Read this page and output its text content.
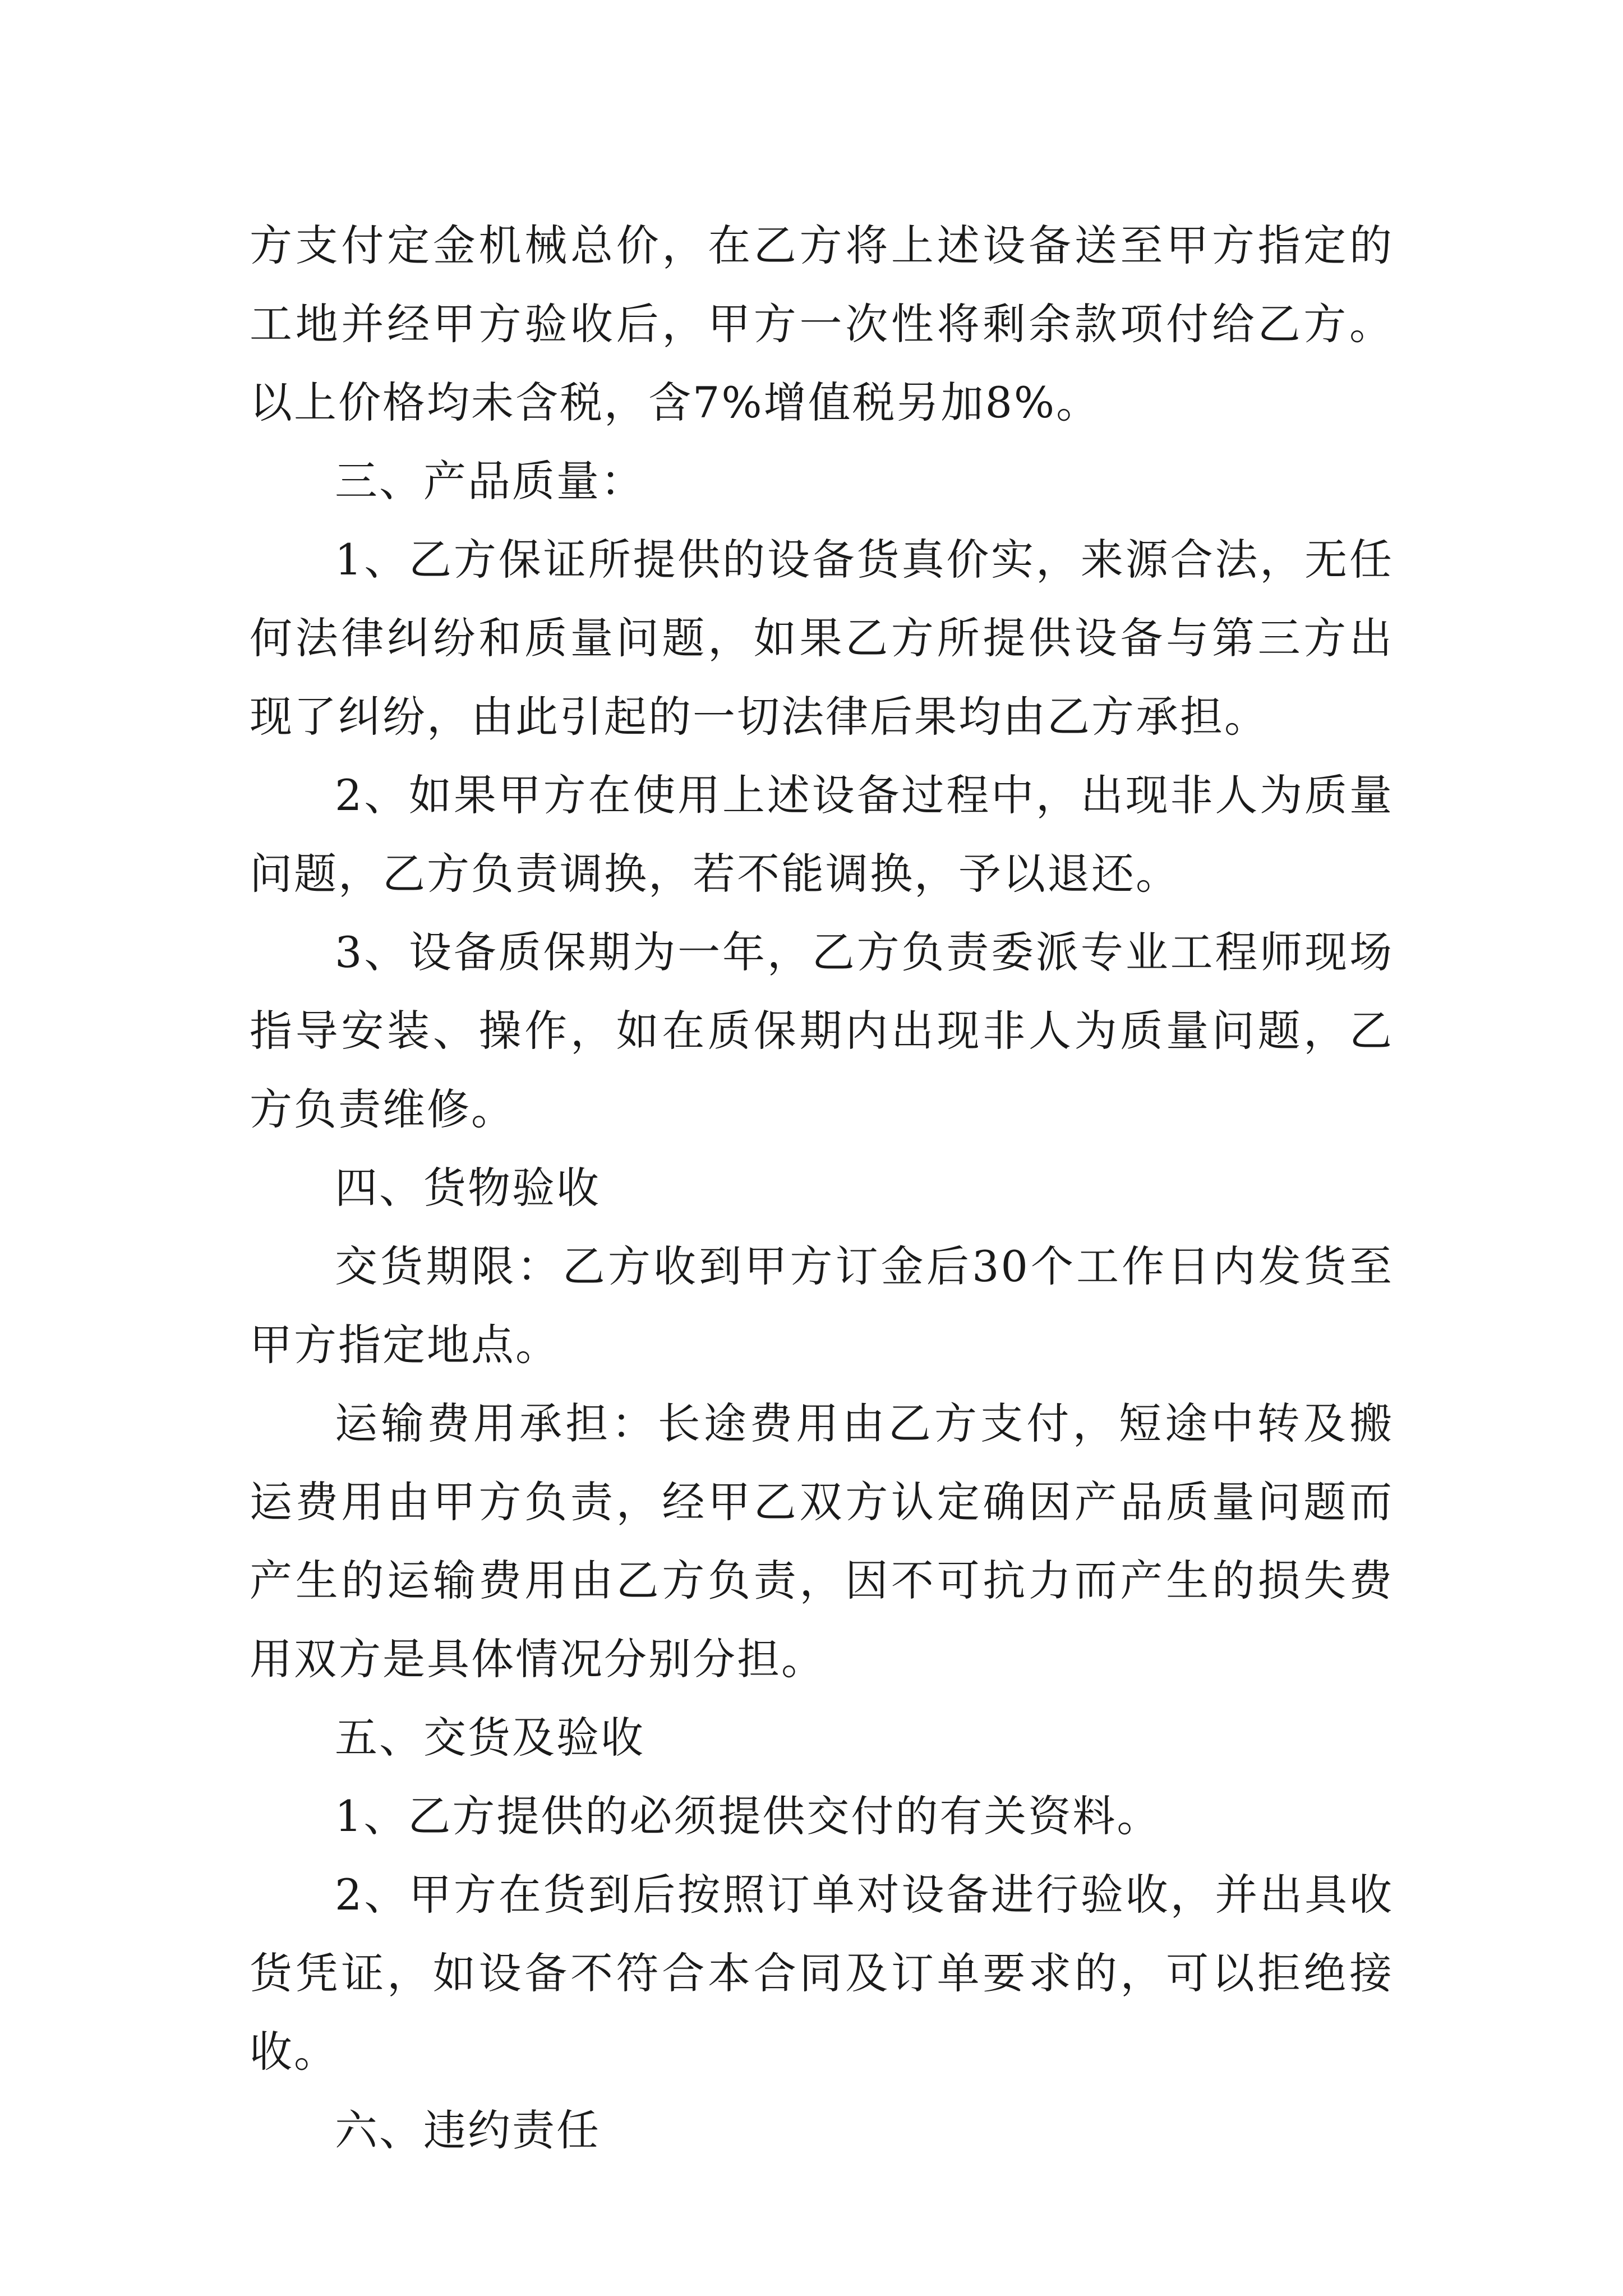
方支付定金机械总价，在乙方将上述设备送至甲方指定的工地并经甲方验收后，甲方一次性将剩余款项付给乙方。以上价格均未含税，含7%增值税另加8%。

三、产品质量：

1、乙方保证所提供的设备货真价实，来源合法，无任何法律纠纷和质量问题，如果乙方所提供设备与第三方出现了纠纷，由此引起的一切法律后果均由乙方承担。

2、如果甲方在使用上述设备过程中，出现非人为质量问题，乙方负责调换，若不能调换，予以退还。

3、设备质保期为一年，乙方负责委派专业工程师现场指导安装、操作，如在质保期内出现非人为质量问题，乙方负责维修。

四、货物验收

交货期限：乙方收到甲方订金后30个工作日内发货至甲方指定地点。

运输费用承担：长途费用由乙方支付，短途中转及搬运费用由甲方负责，经甲乙双方认定确因产品质量问题而产生的运输费用由乙方负责，因不可抗力而产生的损失费用双方是具体情况分别分担。

五、交货及验收

1、乙方提供的必须提供交付的有关资料。

2、甲方在货到后按照订单对设备进行验收，并出具收货凭证，如设备不符合本合同及订单要求的，可以拒绝接收。

六、违约责任
